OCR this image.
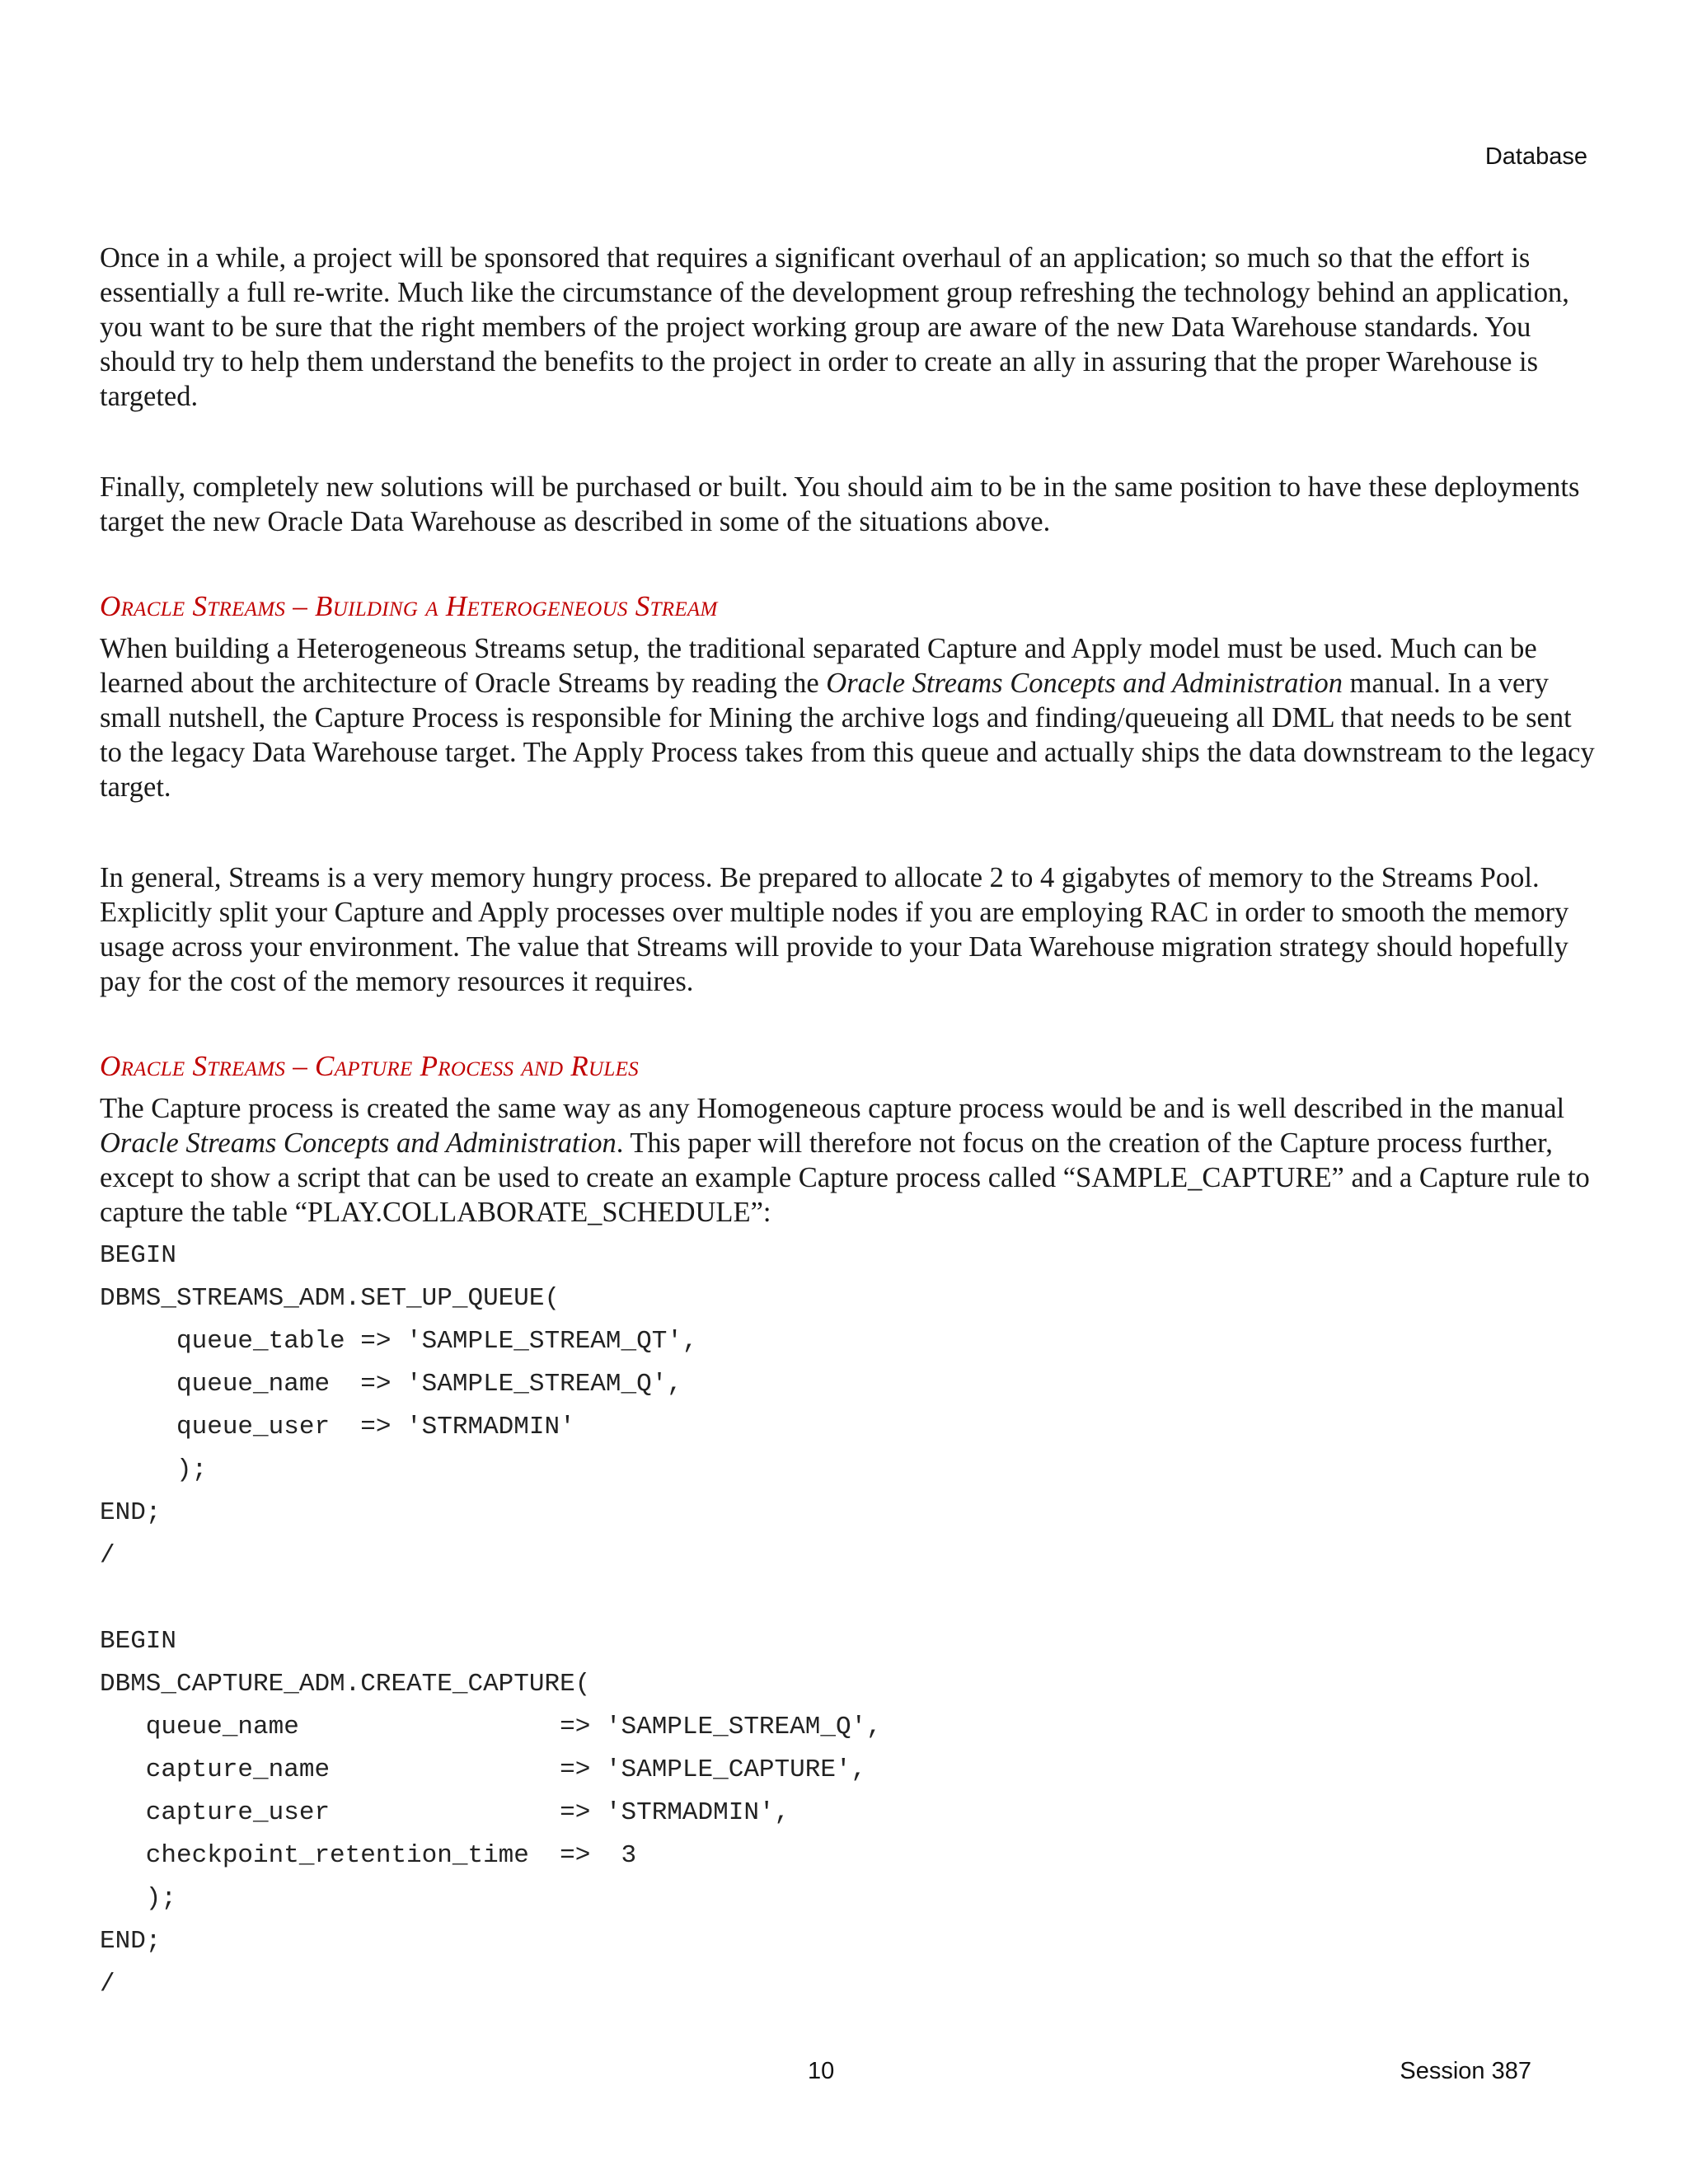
Database

Once in a while, a project will be sponsored that requires a significant overhaul of an application; so much so that the effort is essentially a full re-write. Much like the circumstance of the development group refreshing the technology behind an application, you want to be sure that the right members of the project working group are aware of the new Data Warehouse standards. You should try to help them understand the benefits to the project in order to create an ally in assuring that the proper Warehouse is targeted.

Finally, completely new solutions will be purchased or built. You should aim to be in the same position to have these deployments target the new Oracle Data Warehouse as described in some of the situations above.

Oracle Streams – Building a Heterogeneous Stream

When building a Heterogeneous Streams setup, the traditional separated Capture and Apply model must be used. Much can be learned about the architecture of Oracle Streams by reading the Oracle Streams Concepts and Administration manual. In a very small nutshell, the Capture Process is responsible for Mining the archive logs and finding/queueing all DML that needs to be sent to the legacy Data Warehouse target. The Apply Process takes from this queue and actually ships the data downstream to the legacy target.

In general, Streams is a very memory hungry process. Be prepared to allocate 2 to 4 gigabytes of memory to the Streams Pool. Explicitly split your Capture and Apply processes over multiple nodes if you are employing RAC in order to smooth the memory usage across your environment. The value that Streams will provide to your Data Warehouse migration strategy should hopefully pay for the cost of the memory resources it requires.

Oracle Streams – Capture Process and Rules

The Capture process is created the same way as any Homogeneous capture process would be and is well described in the manual Oracle Streams Concepts and Administration. This paper will therefore not focus on the creation of the Capture process further, except to show a script that can be used to create an example Capture process called “SAMPLE_CAPTURE” and a Capture rule to capture the table “PLAY.COLLABORATE_SCHEDULE”:

BEGIN
DBMS_STREAMS_ADM.SET_UP_QUEUE(
queue_table => 'SAMPLE_STREAM_QT',
queue_name  => 'SAMPLE_STREAM_Q',
queue_user  => 'STRMADMIN'
);
END;
/
BEGIN
DBMS_CAPTURE_ADM.CREATE_CAPTURE(
queue_name                 => 'SAMPLE_STREAM_Q',
capture_name               => 'SAMPLE_CAPTURE',
capture_user               => 'STRMADMIN',
checkpoint_retention_time  =>  3
);
END;
/
10	Session 387
